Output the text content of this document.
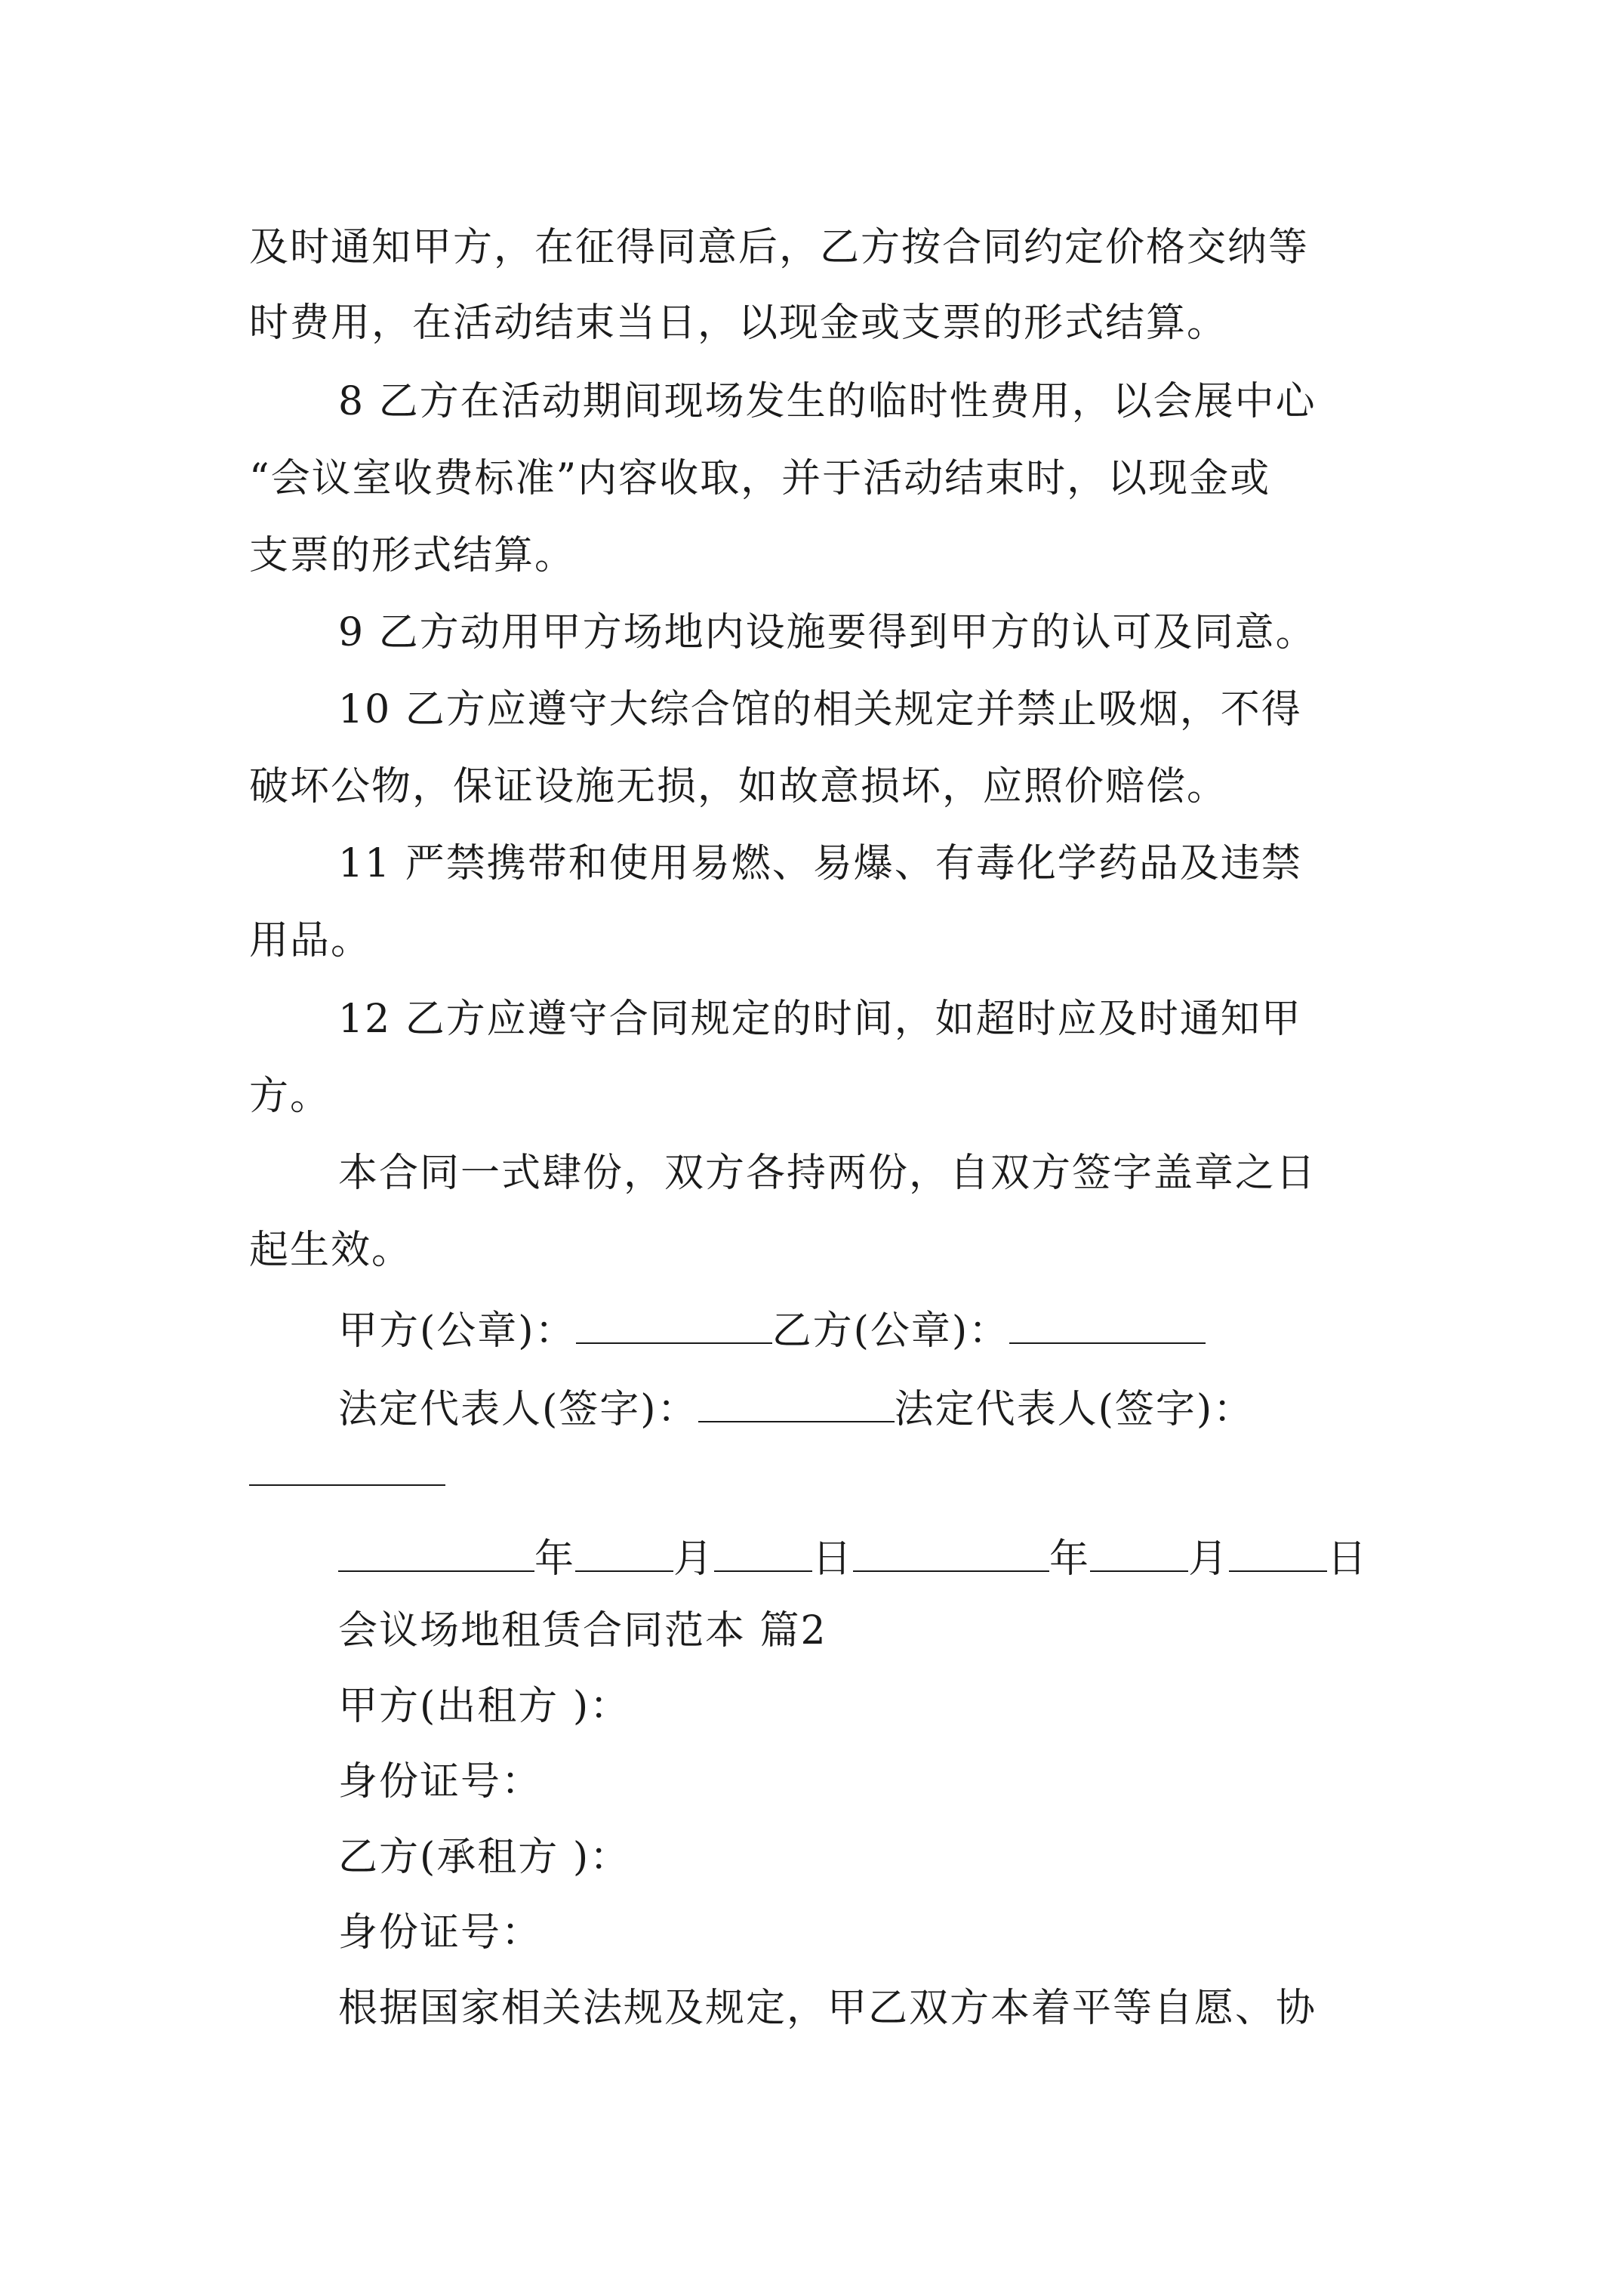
及时通知甲方，在征得同意后，乙方按合同约定价格交纳等
时费用，在活动结束当日，以现金或支票的形式结算。
8 乙方在活动期间现场发生的临时性费用，以会展中心
“会议室收费标准”内容收取，并于活动结束时，以现金或
支票的形式结算。
9 乙方动用甲方场地内设施要得到甲方的认可及同意。
10 乙方应遵守大综合馆的相关规定并禁止吸烟，不得
破坏公物，保证设施无损，如故意损坏，应照价赔偿。
11 严禁携带和使用易燃、易爆、有毒化学药品及违禁
用品。
12 乙方应遵守合同规定的时间，如超时应及时通知甲
方。
本合同一式肆份，双方各持两份，自双方签字盖章之日
起生效。
甲方(公章)：	乙方(公章)：
法定代表人(签字)：	法定代表人(签字)：
年	月	日	年	月	日
会议场地租赁合同范本 篇2
甲方(出租方 )：
身份证号：
乙方(承租方 )：
身份证号：
根据国家相关法规及规定，甲乙双方本着平等自愿、协
